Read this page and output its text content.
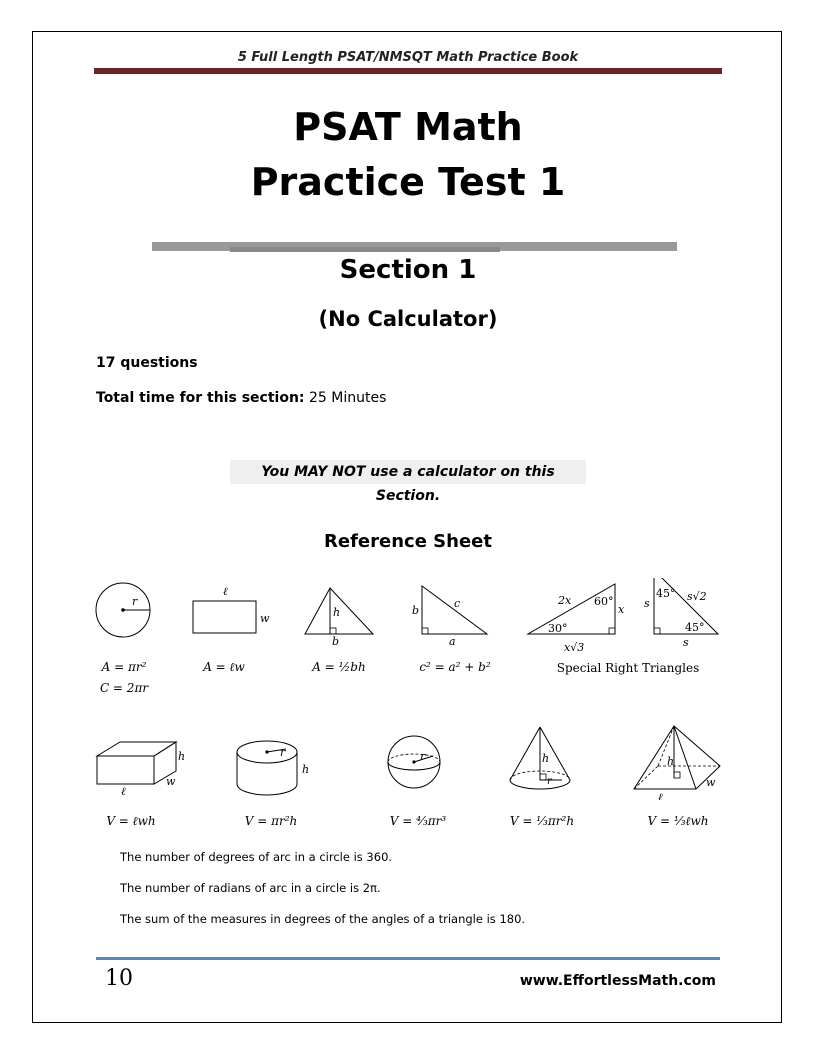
5 Full Length PSAT/NMSQT Math Practice Book
PSAT Math
Practice Test 1
Section 1
(No Calculator)
17 questions
Total time for this section: 25 Minutes
You MAY NOT use a calculator on this Section.
Reference Sheet
r
ℓ
w	h
b
b
c
a
2x 60°
x
30°
x√3
45° s√2
s
45°
s
A = πr²
C = 2πr
A = ℓw	A = ½bh	c² = a² + b²	Special Right Triangles
h
w
ℓ
r
h
r	h
r
h
ℓ
w
V = ℓwh	V = πr²h	V = ⁴⁄₃πr³	V = ⅓πr²h	V = ⅓ℓwh
The number of degrees of arc in a circle is 360.
The number of radians of arc in a circle is 2π.
The sum of the measures in degrees of the angles of a triangle is 180.
10	www.EffortlessMath.com
